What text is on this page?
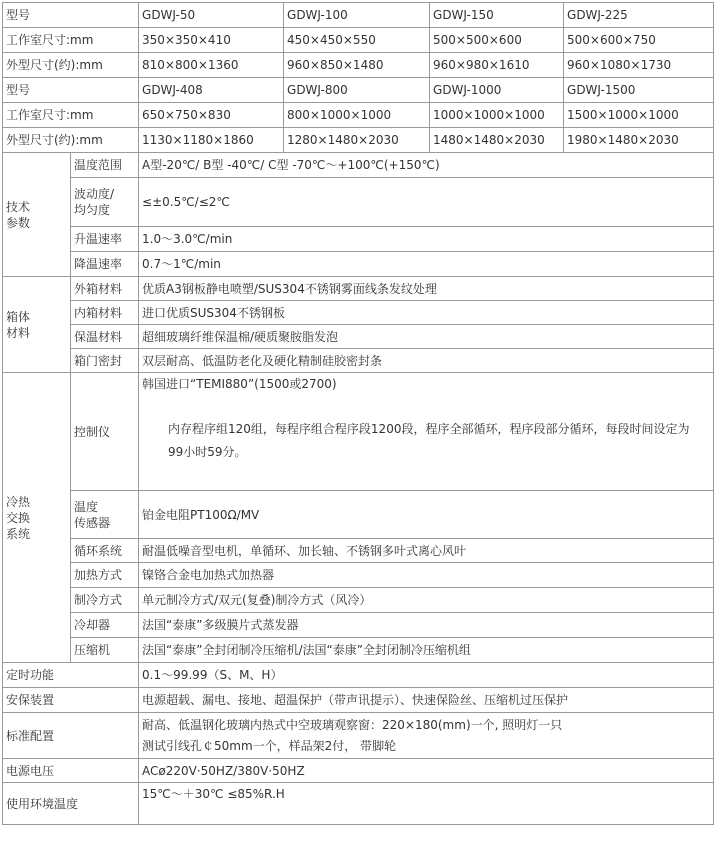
型号		GDWJ-50	GDWJ-100	GDWJ-150	GDWJ-225
工作室尺寸:mm		350×350×410	450×450×550	500×500×600	500×600×750
外型尺寸(约):mm		810×800×1360	960×850×1480	960×980×1610	960×1080×1730
型号		GDWJ-408	GDWJ-800	GDWJ-1000	GDWJ-1500
工作室尺寸:mm		650×750×830	800×1000×1000	1000×1000×1000	1500×1000×1000
外型尺寸(约):mm		1130×1180×1860	1280×1480×2030	1480×1480×2030	1980×1480×2030

技术
参数	温度范围	A型-20℃/ B型 -40℃/ C型 -70℃～+100℃(+150℃)			

	波动度/
均匀度	≤±0.5℃/≤2℃			
	升温速率	1.0～3.0℃/min			
	降温速率	0.7～1℃/min			

箱体
材料	外箱材料	优质A3钢板静电喷塑/SUS304不锈钢雾面线条发纹处理			
	内箱材料	进口优质SUS304不锈钢板			
	保温材料	超细玻璃纤维保温棉/硬质聚胺脂发泡			
	箱门密封	双层耐高、低温防老化及硬化精制硅胶密封条			

冷热
交换
系统	控制仪	韩国进口“TEMI880”(1500或2700)
内存程序组120组，每程序组合程序段1200段，程序全部循环，程序段部分循环，每段时间设定为99小时59分。			

	温度
传感器	铂金电阻PT100Ω/MV			
	循环系统	耐温低噪音型电机，单循环、加长轴、不锈钢多叶式离心风叶			
	加热方式	镍铬合金电加热式加热器			
	制冷方式	单元制冷方式/双元(复叠)制冷方式（风冷）			
	冷却器	法国“泰康”多级膜片式蒸发器			
	压缩机	法国“泰康”全封闭制冷压缩机/法国“泰康”全封闭制冷压缩机组			
定时功能		0.1～99.99（S、M、H）			
安保装置		电源超载、漏电、接地、超温保护（带声讯提示）、快速保险丝、压缩机过压保护			
标准配置		耐高、低温钢化玻璃内热式中空玻璃观察窗：220×180(mm)一个, 照明灯一只
测试引线孔￠50mm一个，样品架2付， 带脚轮			

电源电压		ACø220V·50HZ/380V·50HZ			
使用环境温度		15℃～＋30℃ ≤85%R.H			
